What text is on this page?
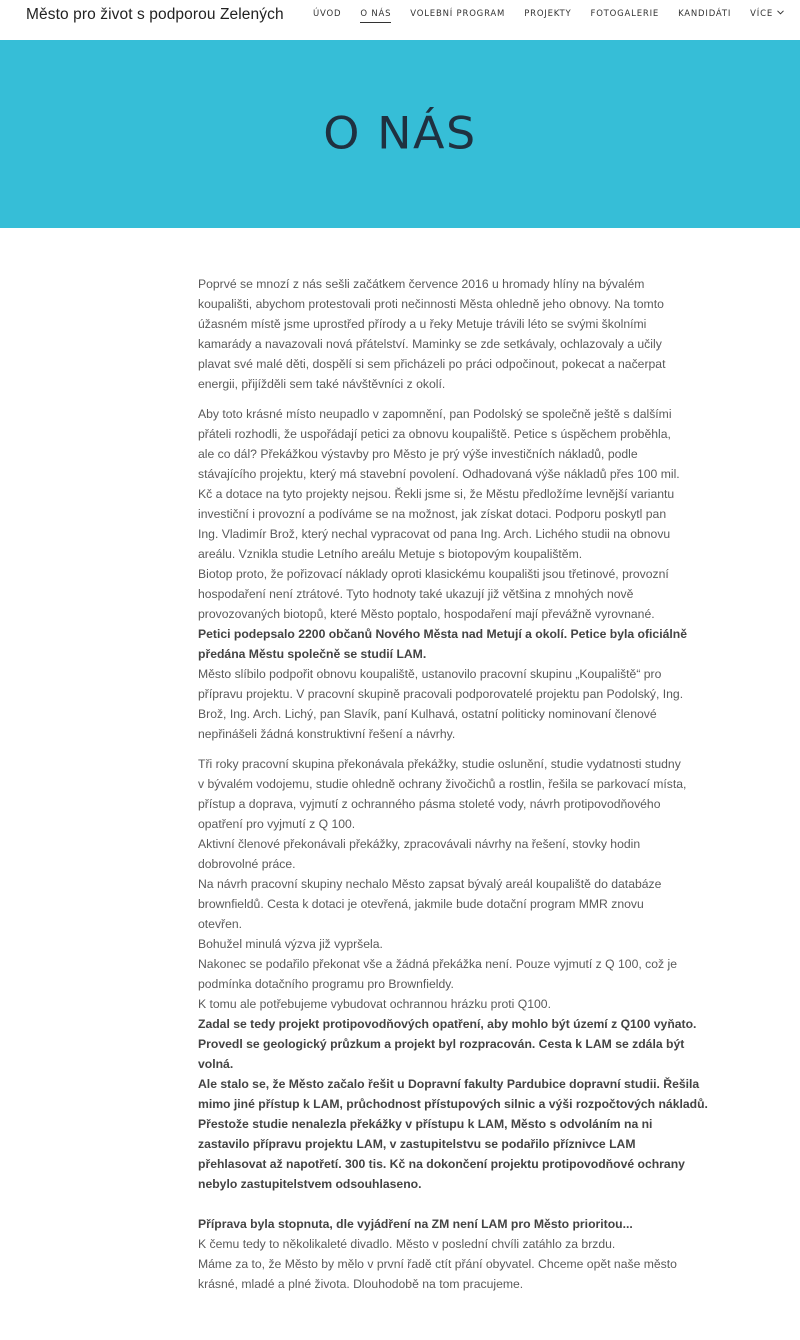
Město pro život s podporou Zelených	ÚVOD O NÁS VOLEBNÍ PROGRAM PROJEKTY FOTOGALERIE KANDIDÁTI VÍCE
O NÁS

Poprvé se mnozí z nás sešli začátkem července 2016 u hromady hlíny na bývalém
koupališti, abychom protestovali proti nečinnosti Města ohledně jeho obnovy. Na tomto
úžasném místě jsme uprostřed přírody a u řeky Metuje trávili léto se svými školními
kamarády a navazovali nová přátelství. Maminky se zde setkávaly, ochlazovaly a učily
plavat své malé děti, dospělí si sem přicházeli po práci odpočinout, pokecat a načerpat
energii, přijížděli sem také návštěvníci z okolí.

Aby toto krásné místo neupadlo v zapomnění, pan Podolský se společně ještě s dalšími
přáteli rozhodli, že uspořádají petici za obnovu koupaliště. Petice s úspěchem proběhla,
ale co dál? Překážkou výstavby pro Město je prý výše investičních nákladů, podle
stávajícího projektu, který má stavební povolení. Odhadovaná výše nákladů přes 100 mil.
Kč a dotace na tyto projekty nejsou. Řekli jsme si, že Městu předložíme levnější variantu
investiční i provozní a podíváme se na možnost, jak získat dotaci. Podporu poskytl pan
Ing. Vladimír Brož, který nechal vypracovat od pana Ing. Arch. Lichého studii na obnovu
areálu. Vznikla studie Letního areálu Metuje s biotopovým koupalištěm.
Biotop proto, že pořizovací náklady oproti klasickému koupališti jsou třetinové, provozní
hospodaření není ztrátové. Tyto hodnoty také ukazují již většina z mnohých nově
provozovaných biotopů, které Město poptalo, hospodaření mají převážně vyrovnané.

Petici podepsalo 2200 občanů Nového Města nad Metují a okolí. Petice byla oficiálně
předána Městu společně se studií LAM.

Město slíbilo podpořit obnovu koupaliště, ustanovilo pracovní skupinu „Koupaliště“ pro
přípravu projektu. V pracovní skupině pracovali podporovatelé projektu pan Podolský, Ing.
Brož, Ing. Arch. Lichý, pan Slavík, paní Kulhavá, ostatní politicky nominovaní členové
nepřinášeli žádná konstruktivní řešení a návrhy.

Tři roky pracovní skupina překonávala překážky, studie oslunění, studie vydatnosti studny
v bývalém vodojemu, studie ohledně ochrany živočichů a rostlin, řešila se parkovací místa,
přístup a doprava, vyjmutí z ochranného pásma stoleté vody, návrh protipovodňového
opatření pro vyjmutí z Q 100.
Aktivní členové překonávali překážky, zpracovávali návrhy na řešení, stovky hodin
dobrovolné práce.
Na návrh pracovní skupiny nechalo Město zapsat bývalý areál koupaliště do databáze
brownfieldů. Cesta k dotaci je otevřená, jakmile bude dotační program MMR znovu
otevřen.
Bohužel minulá výzva již vypršela.
Nakonec se podařilo překonat vše a žádná překážka není. Pouze vyjmutí z Q 100, což je
podmínka dotačního programu pro Brownfieldy.
K tomu ale potřebujeme vybudovat ochrannou hrázku proti Q100.

Zadal se tedy projekt protipovodňových opatření, aby mohlo být území z Q100 vyňato.
Provedl se geologický průzkum a projekt byl rozpracován. Cesta k LAM se zdála být
volná.
Ale stalo se, že Město začalo řešit u Dopravní fakulty Pardubice dopravní studii. Řešila
mimo jiné přístup k LAM, průchodnost přístupových silnic a výši rozpočtových nákladů.
Přestože studie nenalezla překážky v přístupu k LAM, Město s odvoláním na ni
zastavilo přípravu projektu LAM, v zastupitelstvu se podařilo příznivce LAM
přehlasovat až napotřetí. 300 tis. Kč na dokončení projektu protipovodňové ochrany
nebylo zastupitelstvem odsouhlaseno.

Příprava byla stopnuta, dle vyjádření na ZM není LAM pro Město prioritou...

K čemu tedy to několikaleté divadlo. Město v poslední chvíli zatáhlo za brzdu.
Máme za to, že Město by mělo v první řadě ctít přání obyvatel. Chceme opět naše město
krásné, mladé a plné života. Dlouhodobě na tom pracujeme.
